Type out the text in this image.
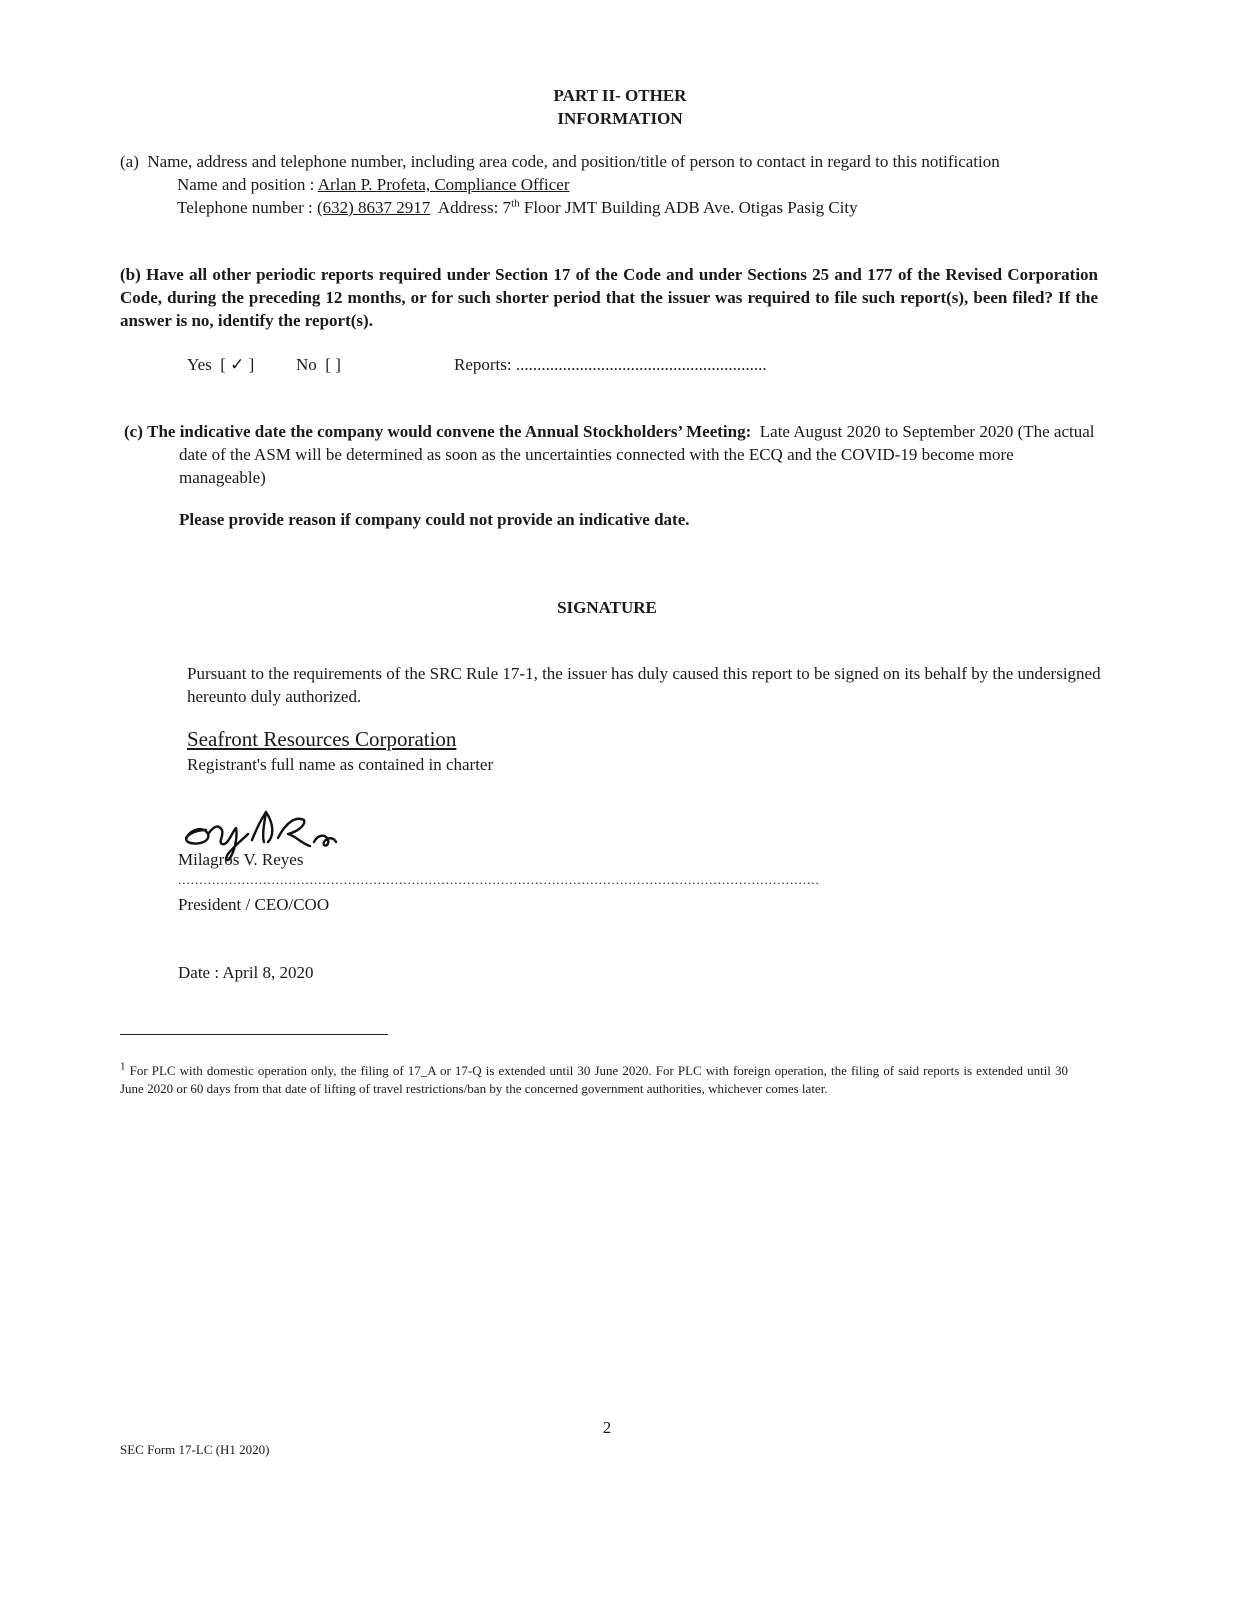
PART II- OTHER
INFORMATION
(a) Name, address and telephone number, including area code, and position/title of person to contact in regard to this notification
Name and position : Arlan P. Profeta, Compliance Officer
Telephone number : (632) 8637 2917 Address: 7th Floor JMT Building ADB Ave. Otigas Pasig City
(b) Have all other periodic reports required under Section 17 of the Code and under Sections 25 and 177 of the Revised Corporation Code, during the preceding 12 months, or for such shorter period that the issuer was required to file such report(s), been filed? If the answer is no, identify the report(s).
Yes [ ✓ ] No [ ]	Reports: ...........................................................
(c) The indicative date the company would convene the Annual Stockholders’ Meeting: Late August 2020 to September 2020 (The actual date of the ASM will be determined as soon as the uncertainties connected with the ECQ and the COVID-19 become more manageable)
Please provide reason if company could not provide an indicative date.
SIGNATURE
Pursuant to the requirements of the SRC Rule 17-1, the issuer has duly caused this report to be signed on its behalf by the undersigned hereunto duly authorized.
Seafront Resources Corporation
Registrant's full name as contained in charter
Milagros V. Reyes
.......................................................................................................................................................
President / CEO/COO
Date : April 8, 2020
$^1$ For PLC with domestic operation only, the filing of 17_A or 17-Q is extended until 30 June 2020. For PLC with foreign operation, the filing of said reports is extended until 30 June 2020 or 60 days from that date of lifting of travel restrictions/ban by the concerned government authorities, whichever comes later.
2
SEC Form 17-LC (H1 2020)
